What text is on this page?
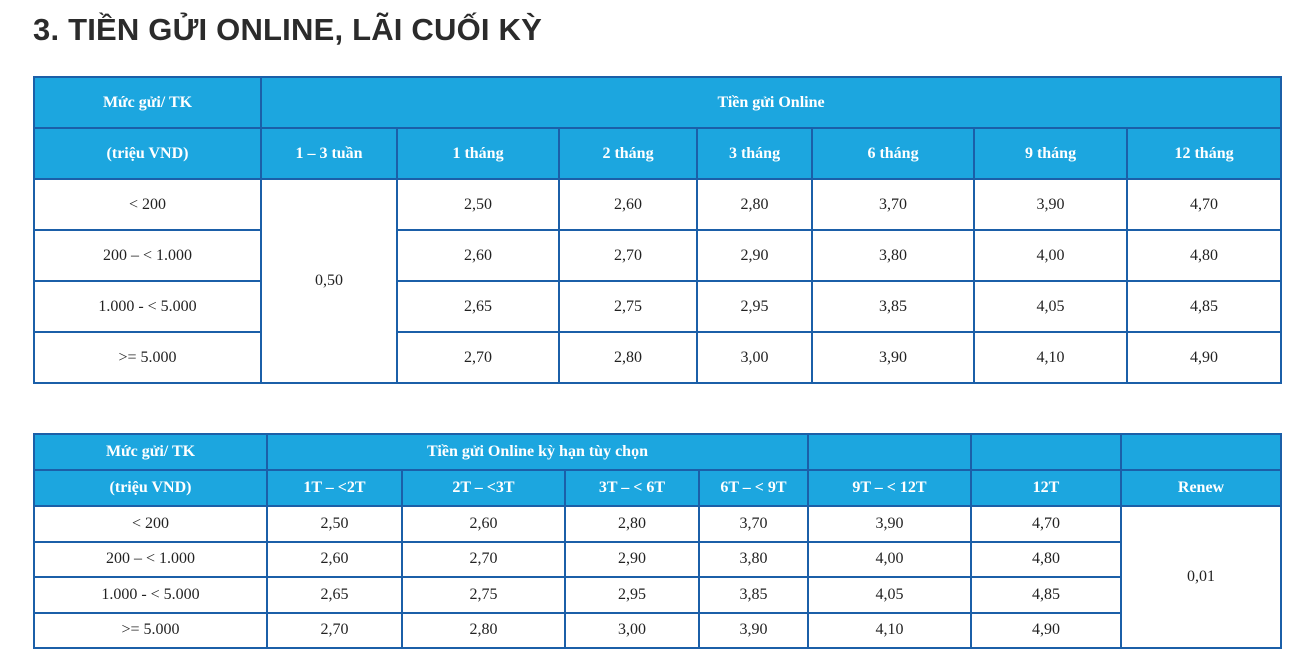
3. TIỀN GỬI ONLINE, LÃI CUỐI KỲ
Mức gửi/ TK	Tiền gửi Online						
(triệu VND)	1 – 3 tuần	1 tháng	2 tháng	3 tháng	6 tháng	9 tháng	12 tháng
< 200	0,50	2,50	2,60	2,80	3,70	3,90	4,70
200 – < 1.000		2,60	2,70	2,90	3,80	4,00	4,80
1.000 - < 5.000		2,65	2,75	2,95	3,85	4,05	4,85
>= 5.000		2,70	2,80	3,00	3,90	4,10	4,90
Mức gửi/ TK	Tiền gửi Online kỳ hạn tùy chọn						
(triệu VND)	1T – <2T	2T – <3T	3T – < 6T	6T – < 9T	9T – < 12T	12T	Renew
< 200	2,50	2,60	2,80	3,70	3,90	4,70	0,01
200 – < 1.000	2,60	2,70	2,90	3,80	4,00	4,80	
1.000 - < 5.000	2,65	2,75	2,95	3,85	4,05	4,85	
>= 5.000	2,70	2,80	3,00	3,90	4,10	4,90	
